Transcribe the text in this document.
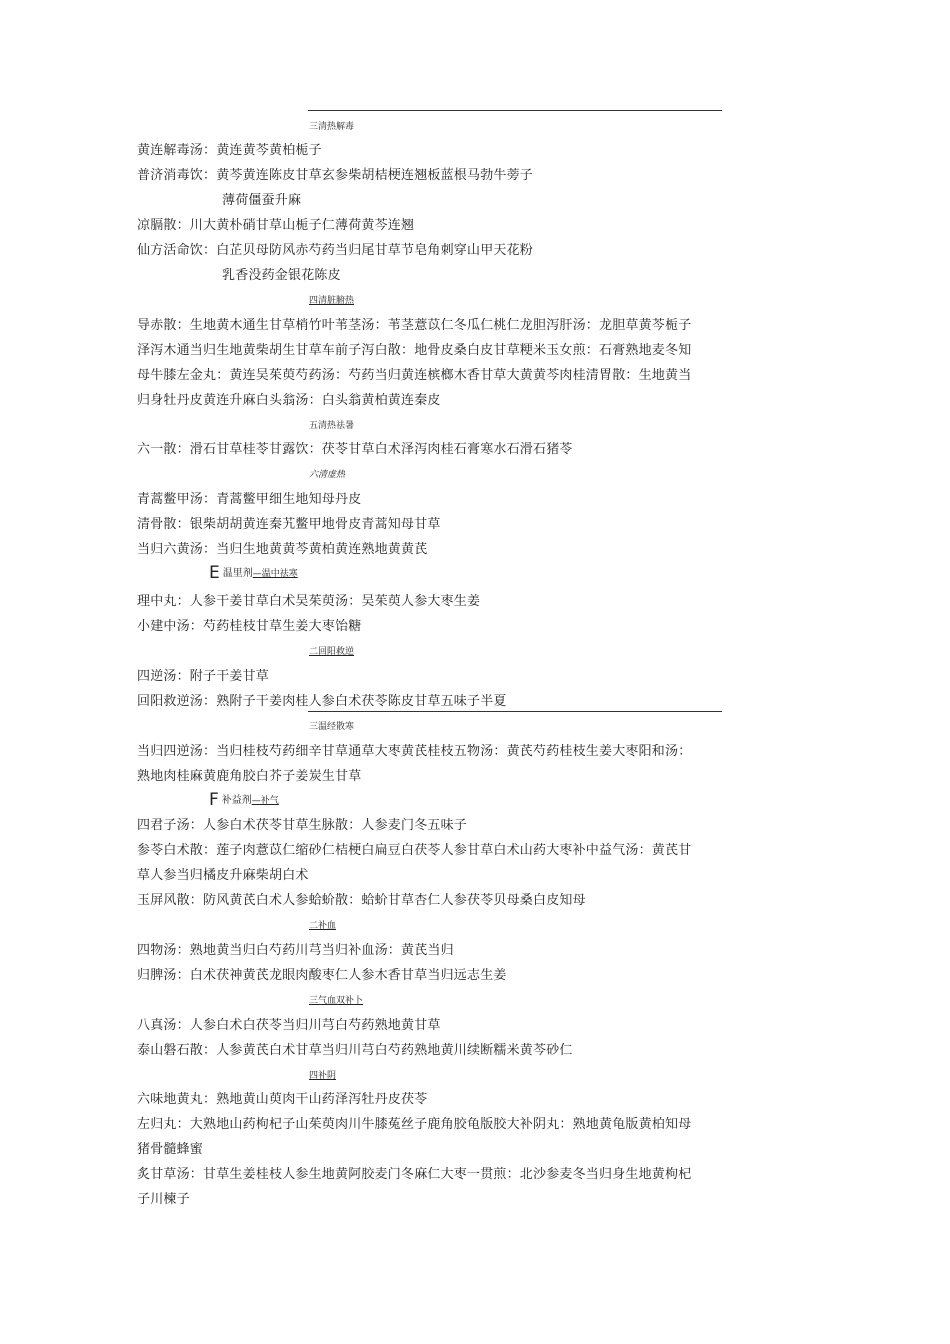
三清热解毒
黄连解毒汤：黄连黄芩黄柏栀子
普济消毒饮：黄芩黄连陈皮甘草玄参柴胡桔梗连翘板蓝根马勃牛蒡子
薄荷僵蚕升麻
凉膈散：川大黄朴硝甘草山栀子仁薄荷黄芩连翘
仙方活命饮：白芷贝母防风赤芍药当归尾甘草节皂角刺穿山甲天花粉
乳香没药金银花陈皮
四清脏腑热
导赤散：生地黄木通生甘草梢竹叶苇茎汤：苇茎薏苡仁冬瓜仁桃仁龙胆泻肝汤：龙胆草黄芩栀子
泽泻木通当归生地黄柴胡生甘草车前子泻白散：地骨皮桑白皮甘草粳米玉女煎：石膏熟地麦冬知
母牛膝左金丸：黄连吴茱萸芍药汤：芍药当归黄连槟榔木香甘草大黄黄芩肉桂清胃散：生地黄当
归身牡丹皮黄连升麻白头翁汤：白头翁黄柏黄连秦皮
五清热祛暑
六一散：滑石甘草桂苓甘露饮：茯苓甘草白术泽泻肉桂石膏寒水石滑石猪苓
六清虚热
青蒿鳖甲汤：青蒿鳖甲细生地知母丹皮
清骨散：银柴胡胡黄连秦艽鳖甲地骨皮青蒿知母甘草
当归六黄汤：当归生地黄黄芩黄柏黄连熟地黄黄芪
E温里剂—温中祛寒
理中丸：人参干姜甘草白术吴茱萸汤：吴茱萸人参大枣生姜
小建中汤：芍药桂枝甘草生姜大枣饴糖
二回阳救逆
四逆汤：附子干姜甘草
回阳救逆汤：熟附子干姜肉桂人参白术茯苓陈皮甘草五味子半夏
三温经散寒
当归四逆汤：当归桂枝芍药细辛甘草通草大枣黄芪桂枝五物汤：黄芪芍药桂枝生姜大枣阳和汤：
熟地肉桂麻黄鹿角胶白芥子姜炭生甘草
F补益剂—补气
四君子汤：人参白术茯苓甘草生脉散：人参麦门冬五味子
参苓白术散：莲子肉薏苡仁缩砂仁桔梗白扁豆白茯苓人参甘草白术山药大枣补中益气汤：黄芪甘
草人参当归橘皮升麻柴胡白术
玉屏风散：防风黄芪白术人参蛤蚧散：蛤蚧甘草杏仁人参茯苓贝母桑白皮知母
二补血
四物汤：熟地黄当归白芍药川芎当归补血汤：黄芪当归
归脾汤：白术茯神黄芪龙眼肉酸枣仁人参木香甘草当归远志生姜
三气血双补卜
八真汤：人参白术白茯苓当归川芎白芍药熟地黄甘草
泰山磐石散：人参黄芪白术甘草当归川芎白芍药熟地黄川续断糯米黄芩砂仁
四补阴
六味地黄丸：熟地黄山萸肉干山药泽泻牡丹皮茯苓
左归丸：大熟地山药枸杞子山茱萸肉川牛膝菟丝子鹿角胶龟版胶大补阴丸：熟地黄龟版黄柏知母
猪骨髓蜂蜜
炙甘草汤：甘草生姜桂枝人参生地黄阿胶麦门冬麻仁大枣一贯煎：北沙参麦冬当归身生地黄枸杞
子川楝子
